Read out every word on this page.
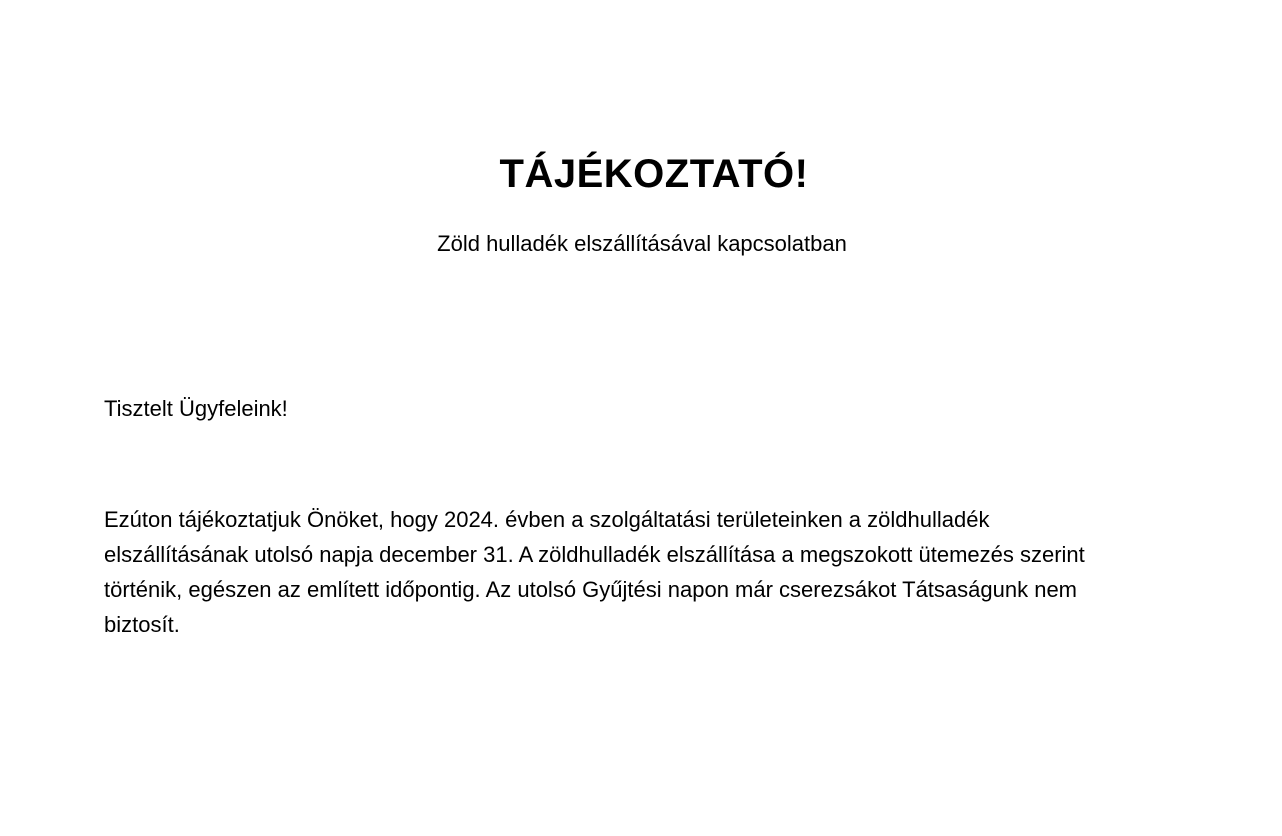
TÁJÉKOZTATÓ!
Zöld hulladék elszállításával kapcsolatban
Tisztelt Ügyfeleink!
Ezúton tájékoztatjuk Önöket, hogy 2024. évben a szolgáltatási területeinken a zöldhulladék
elszállításának utolsó napja december 31. A zöldhulladék elszállítása a megszokott ütemezés szerint
történik, egészen az említett időpontig. Az utolsó Gyűjtési napon már cserezsákot Tátsaságunk nem
biztosít.
